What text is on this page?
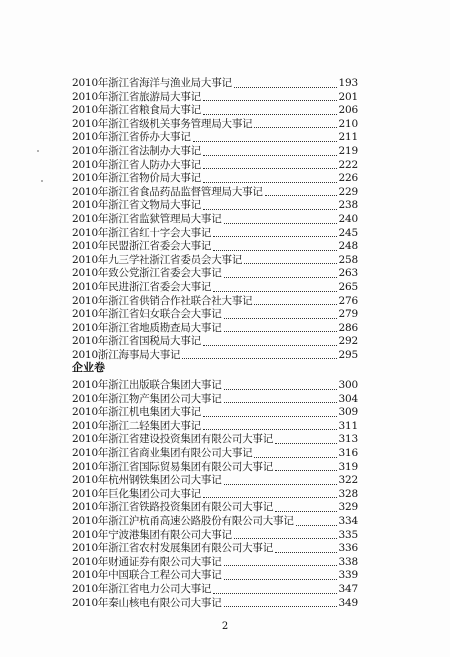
2010年浙江省海洋与渔业局大事记	193
2010年浙江省旅游局大事记	201
2010年浙江省粮食局大事记	206
2010年浙江省级机关事务管理局大事记	210
2010年浙江省侨办大事记	211
2010年浙江省法制办大事记	219
2010年浙江省人防办大事记	222
2010年浙江省物价局大事记	226
2010年浙江省食品药品监督管理局大事记	229
2010年浙江省文物局大事记	238
2010年浙江省监狱管理局大事记	240
2010年浙江省红十字会大事记	245
2010年民盟浙江省委会大事记	248
2010年九三学社浙江省委员会大事记	258
2010年致公党浙江省委会大事记	263
2010年民进浙江省委会大事记	265
2010年浙江省供销合作社联合社大事记	276
2010年浙江省妇女联合会大事记	279
2010年浙江省地质勘查局大事记	286
2010年浙江省国税局大事记	292
2010浙江海事局大事记	295
企业卷
2010年浙江出版联合集团大事记	300
2010年浙江物产集团公司大事记	304
2010年浙江机电集团大事记	309
2010年浙江二轻集团大事记	311
2010年浙江省建设投资集团有限公司大事记	313
2010年浙江省商业集团有限公司大事记	316
2010年浙江省国际贸易集团有限公司大事记	319
2010年杭州钢铁集团公司大事记	322
2010年巨化集团公司大事记	328
2010年浙江省铁路投资集团有限公司大事记	329
2010年浙江沪杭甬高速公路股份有限公司大事记	334
2010年宁波港集团有限公司大事记	335
2010年浙江省农村发展集团有限公司大事记	336
2010年财通证券有限公司大事记	338
2010年中国联合工程公司大事记	339
2010年浙江省电力公司大事记	347
2010年秦山核电有限公司大事记	349
2
